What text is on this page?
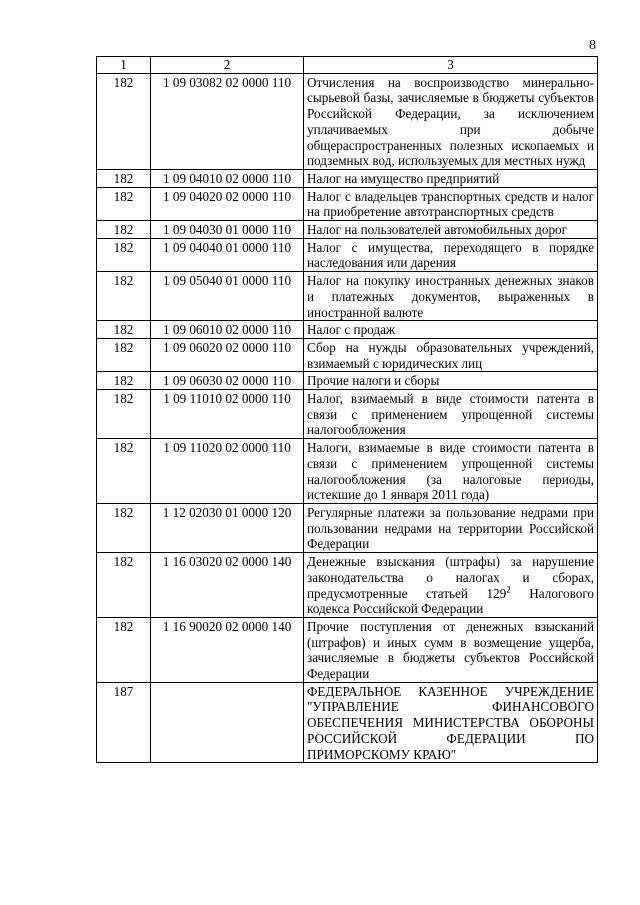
8
1	2	3
182	1 09 03082 02 0000 110	Отчисления на воспроизводство минерально-сырьевой базы, зачисляемые в бюджеты субъектов Российской Федерации, за исключением уплачиваемых при добыче общераспространенных полезных ископаемых и подземных вод, используемых для местных нужд
182	1 09 04010 02 0000 110	Налог на имущество предприятий
182	1 09 04020 02 0000 110	Налог с владельцев транспортных средств и налог на приобретение автотранспортных средств
182	1 09 04030 01 0000 110	Налог на пользователей автомобильных дорог
182	1 09 04040 01 0000 110	Налог с имущества, переходящего в порядке наследования или дарения
182	1 09 05040 01 0000 110	Налог на покупку иностранных денежных знаков и платежных документов, выраженных в иностранной валюте
182	1 09 06010 02 0000 110	Налог с продаж
182	1 09 06020 02 0000 110	Сбор на нужды образовательных учреждений, взимаемый с юридических лиц
182	1 09 06030 02 0000 110	Прочие налоги и сборы
182	1 09 11010 02 0000 110	Налог, взимаемый в виде стоимости патента в связи с применением упрощенной системы налогообложения
182	1 09 11020 02 0000 110	Налоги, взимаемые в виде стоимости патента в связи с применением упрощенной системы налогообложения (за налоговые периоды, истекшие до 1 января 2011 года)
182	1 12 02030 01 0000 120	Регулярные платежи за пользование недрами при пользовании недрами на территории Российской Федерации
182	1 16 03020 02 0000 140	Денежные взыскания (штрафы) за нарушение законодательства о налогах и сборах, предусмотренные статьей $129^2$ Налогового кодекса Российской Федерации
182	1 16 90020 02 0000 140	Прочие поступления от денежных взысканий (штрафов) и иных сумм в возмещение ущерба, зачисляемые в бюджеты субъектов Российской Федерации
187		ФЕДЕРАЛЬНОЕ КАЗЕННОЕ УЧРЕЖДЕНИЕ "УПРАВЛЕНИЕ ФИНАНСОВОГО ОБЕСПЕЧЕНИЯ МИНИСТЕРСТВА ОБОРОНЫ РОССИЙСКОЙ ФЕДЕРАЦИИ ПО ПРИМОРСКОМУ КРАЮ"
